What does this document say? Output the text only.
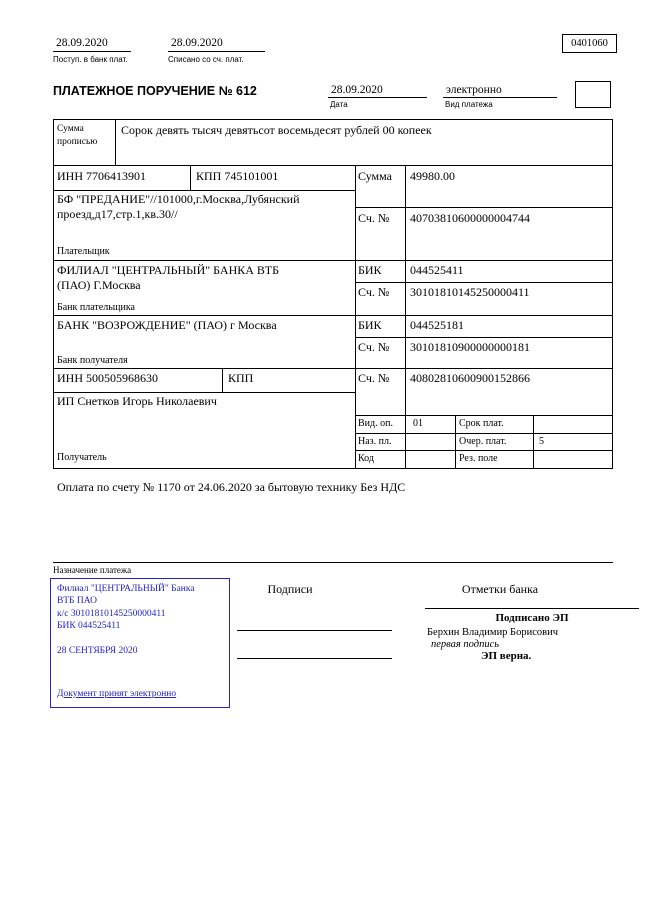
28.09.2020
Поступ. в банк плат.
28.09.2020
Списано со сч. плат.
0401060
ПЛАТЕЖНОЕ ПОРУЧЕНИЕ № 612	28.09.2020
Дата
электронно
Вид платежа
Сумма прописью
Сорок девять тысяч девятьсот восемьдесят рублей 00 копеек
ИНН 7706413901	КПП 745101001	Сумма 49980.00
БФ "ПРЕДАНИЕ"//101000,г.Москва,Лубянский проезд,д17,стр.1,кв.30//	Сч. № 40703810600000004744
Плательщик
ФИЛИАЛ "ЦЕНТРАЛЬНЫЙ" БАНКА ВТБ (ПАО) Г.Москва
БИК 044525411
Сч. № 30101810145250000411
Банк плательщика
БАНК "ВОЗРОЖДЕНИЕ" (ПАО) г Москва	БИК 044525181
Сч. № 30101810900000000181
Банк получателя
ИНН 500505968630	КПП	Сч. № 40802810600900152866
ИП Снетков Игорь Николаевич
Получатель
Вид. оп. 01	Срок плат.
Наз. пл.	Очер. плат.	5
Код	Рез. поле
Оплата по счету № 1170 от 24.06.2020 за бытовую технику Без НДС
Назначение платежа
Филиал "ЦЕНТРАЛЬНЫЙ" Банка
ВТБ ПАО
к/с 30101810145250000411
БИК 044525411
28 СЕНТЯБРЯ 2020
Документ принят электронно
Подписи	Отметки банка
Подписано ЭП
Берхин Владимир Борисович
первая подпись
ЭП верна.
